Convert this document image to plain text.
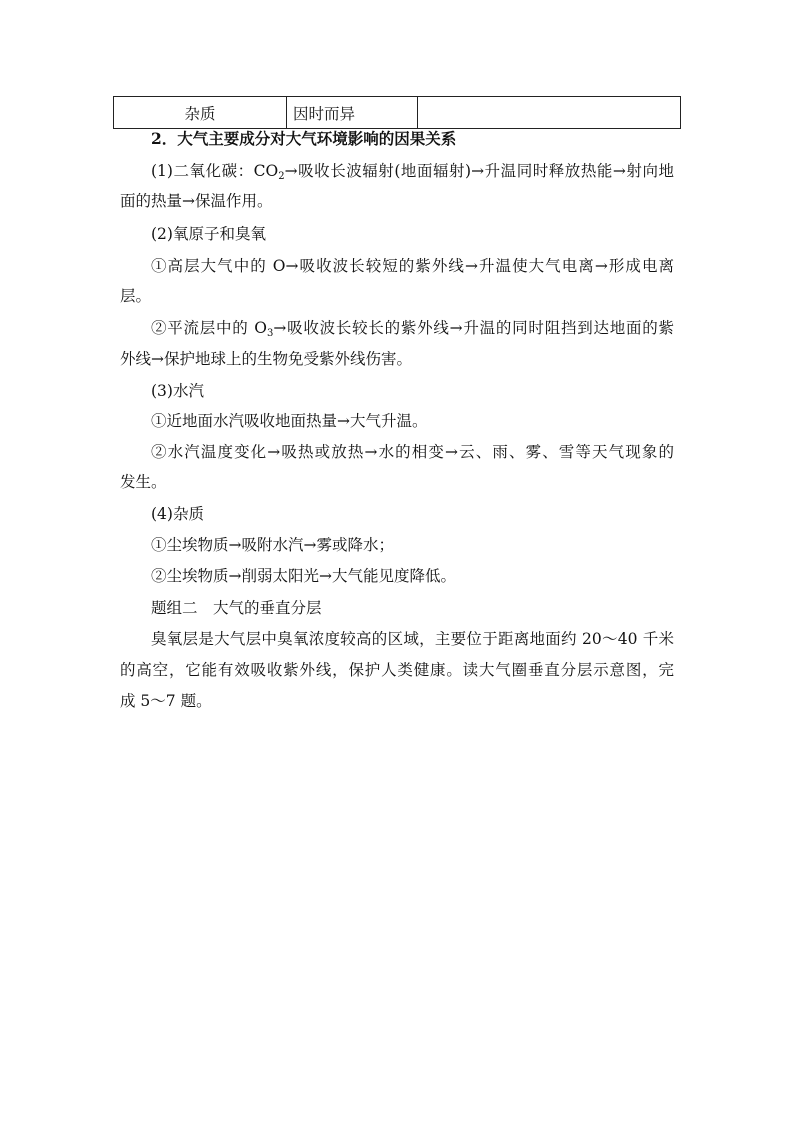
杂质	因时而异	
2．大气主要成分对大气环境影响的因果关系
(1)二氧化碳：$CO_2\to$吸收长波辐射(地面辐射)→升温同时释放热能→射向地
面的热量→保温作用。
(2)氧原子和臭氧
①高层大气中的 O→吸收波长较短的紫外线→升温使大气电离→形成电离
层。
②平流层中的 $O_3\to$吸收波长较长的紫外线→升温的同时阻挡到达地面的紫
外线→保护地球上的生物免受紫外线伤害。
(3)水汽
①近地面水汽吸收地面热量→大气升温。
②水汽温度变化→吸热或放热→水的相变→云、雨、雾、雪等天气现象的
发生。
(4)杂质
①尘埃物质→吸附水汽→雾或降水；
②尘埃物质→削弱太阳光→大气能见度降低。
题组二　大气的垂直分层
臭氧层是大气层中臭氧浓度较高的区域，主要位于距离地面约 20～40 千米
的高空，它能有效吸收紫外线，保护人类健康。读大气圈垂直分层示意图，完
成 5～7 题。
